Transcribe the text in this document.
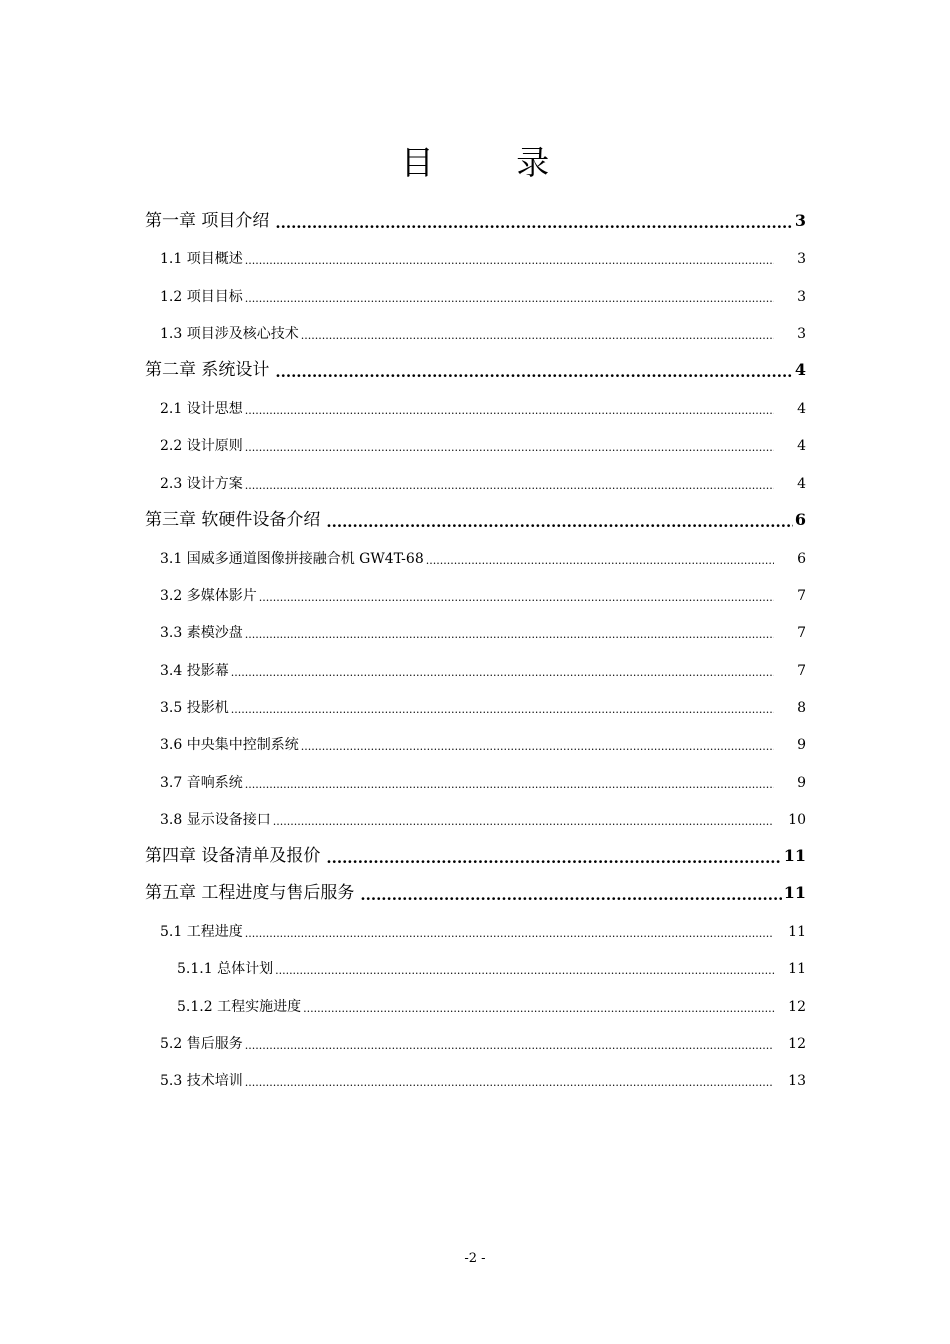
目 录
第一章 项目介绍 .....	3
1.1 项目概述 .....	3
1.2 项目目标 .....	3
1.3 项目涉及核心技术 .....	3
第二章 系统设计 .....	4
2.1 设计思想 .....	4
2.2 设计原则 .....	4
2.3 设计方案 .....	4
第三章 软硬件设备介绍 .....	6
3.1 国威多通道图像拼接融合机 GW4T-68 .....	6
3.2 多媒体影片 .....	7
3.3 素模沙盘 .....	7
3.4 投影幕 .....	7
3.5 投影机 .....	8
3.6 中央集中控制系统 .....	9
3.7 音响系统 .....	9
3.8 显示设备接口 .....	10
第四章 设备清单及报价 .....	11
第五章 工程进度与售后服务 .....	11
5.1 工程进度 .....	11
5.1.1 总体计划 .....	11
5.1.2 工程实施进度 .....	12
5.2 售后服务 .....	12
5.3 技术培训 .....	13
-2 -
